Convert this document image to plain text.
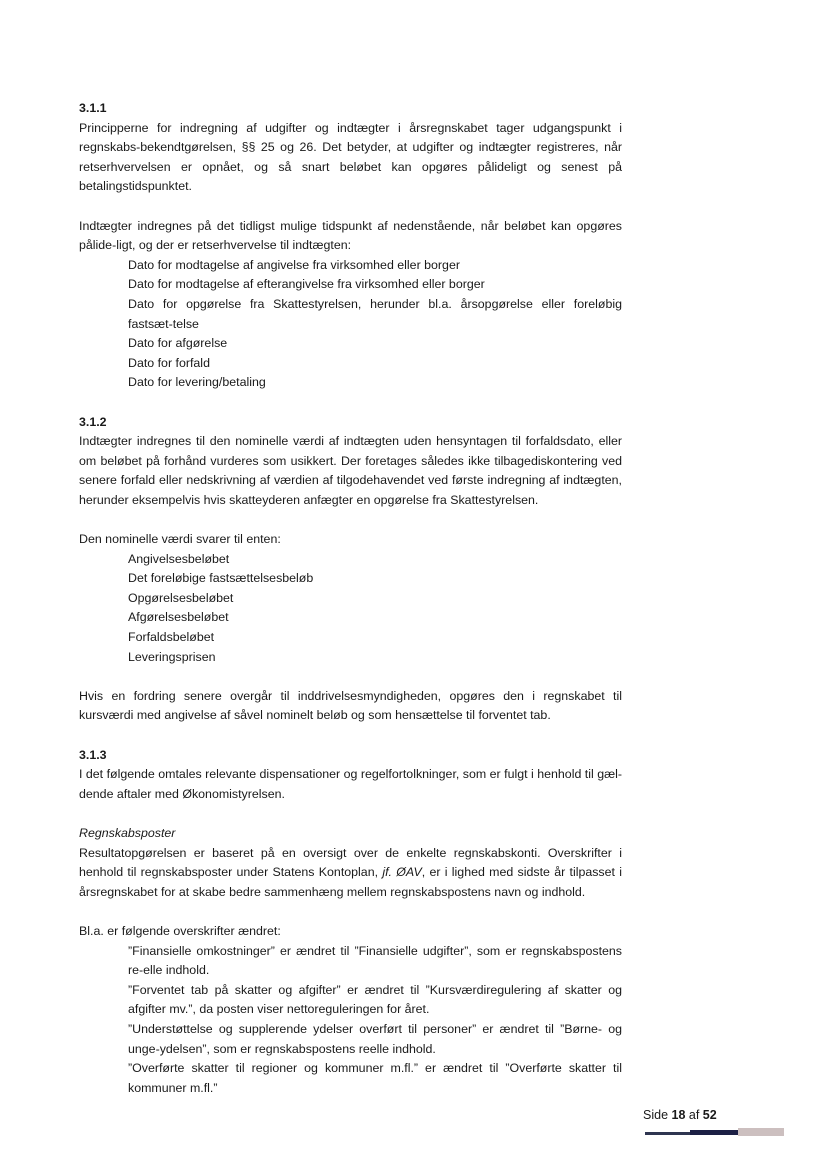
3.1.1

Principperne for indregning af udgifter og indtægter i årsregnskabet tager udgangspunkt i regnskabs-bekendtgørelsen, §§ 25 og 26. Det betyder, at udgifter og indtægter registreres, når retserhvervelsen er opnået, og så snart beløbet kan opgøres pålideligt og senest på betalingstidspunktet.

Indtægter indregnes på det tidligst mulige tidspunkt af nedenstående, når beløbet kan opgøres pålide-ligt, og der er retserhvervelse til indtægten:

Dato for modtagelse af angivelse fra virksomhed eller borger
Dato for modtagelse af efterangivelse fra virksomhed eller borger
Dato for opgørelse fra Skattestyrelsen, herunder bl.a. årsopgørelse eller foreløbig fastsæt-telse
Dato for afgørelse
Dato for forfald
Dato for levering/betaling
3.1.2

Indtægter indregnes til den nominelle værdi af indtægten uden hensyntagen til forfaldsdato, eller om beløbet på forhånd vurderes som usikkert. Der foretages således ikke tilbagediskontering ved senere forfald eller nedskrivning af værdien af tilgodehavendet ved første indregning af indtægten, herunder eksempelvis hvis skatteyderen anfægter en opgørelse fra Skattestyrelsen.

Den nominelle værdi svarer til enten:

Angivelsesbeløbet
Det foreløbige fastsættelsesbeløb
Opgørelsesbeløbet
Afgørelsesbeløbet
Forfaldsbeløbet
Leveringsprisen

Hvis en fordring senere overgår til inddrivelsesmyndigheden, opgøres den i regnskabet til kursværdi med angivelse af såvel nominelt beløb og som hensættelse til forventet tab.

3.1.3

I det følgende omtales relevante dispensationer og regelfortolkninger, som er fulgt i henhold til gæl-dende aftaler med Økonomistyrelsen.

Regnskabsposter

Resultatopgørelsen er baseret på en oversigt over de enkelte regnskabskonti. Overskrifter i henhold til regnskabsposter under Statens Kontoplan, jf. ØAV, er i lighed med sidste år tilpasset i årsregnskabet for at skabe bedre sammenhæng mellem regnskabspostens navn og indhold.

Bl.a. er følgende overskrifter ændret:

”Finansielle omkostninger” er ændret til ”Finansielle udgifter”, som er regnskabspostens re-elle indhold.
”Forventet tab på skatter og afgifter” er ændret til ”Kursværdiregulering af skatter og afgifter mv.”, da posten viser nettoreguleringen for året.
”Understøttelse og supplerende ydelser overført til personer” er ændret til ”Børne- og unge-ydelsen”, som er regnskabspostens reelle indhold.
”Overførte skatter til regioner og kommuner m.fl.” er ændret til ”Overførte skatter til kommuner m.fl.”
Side 18 af 52
